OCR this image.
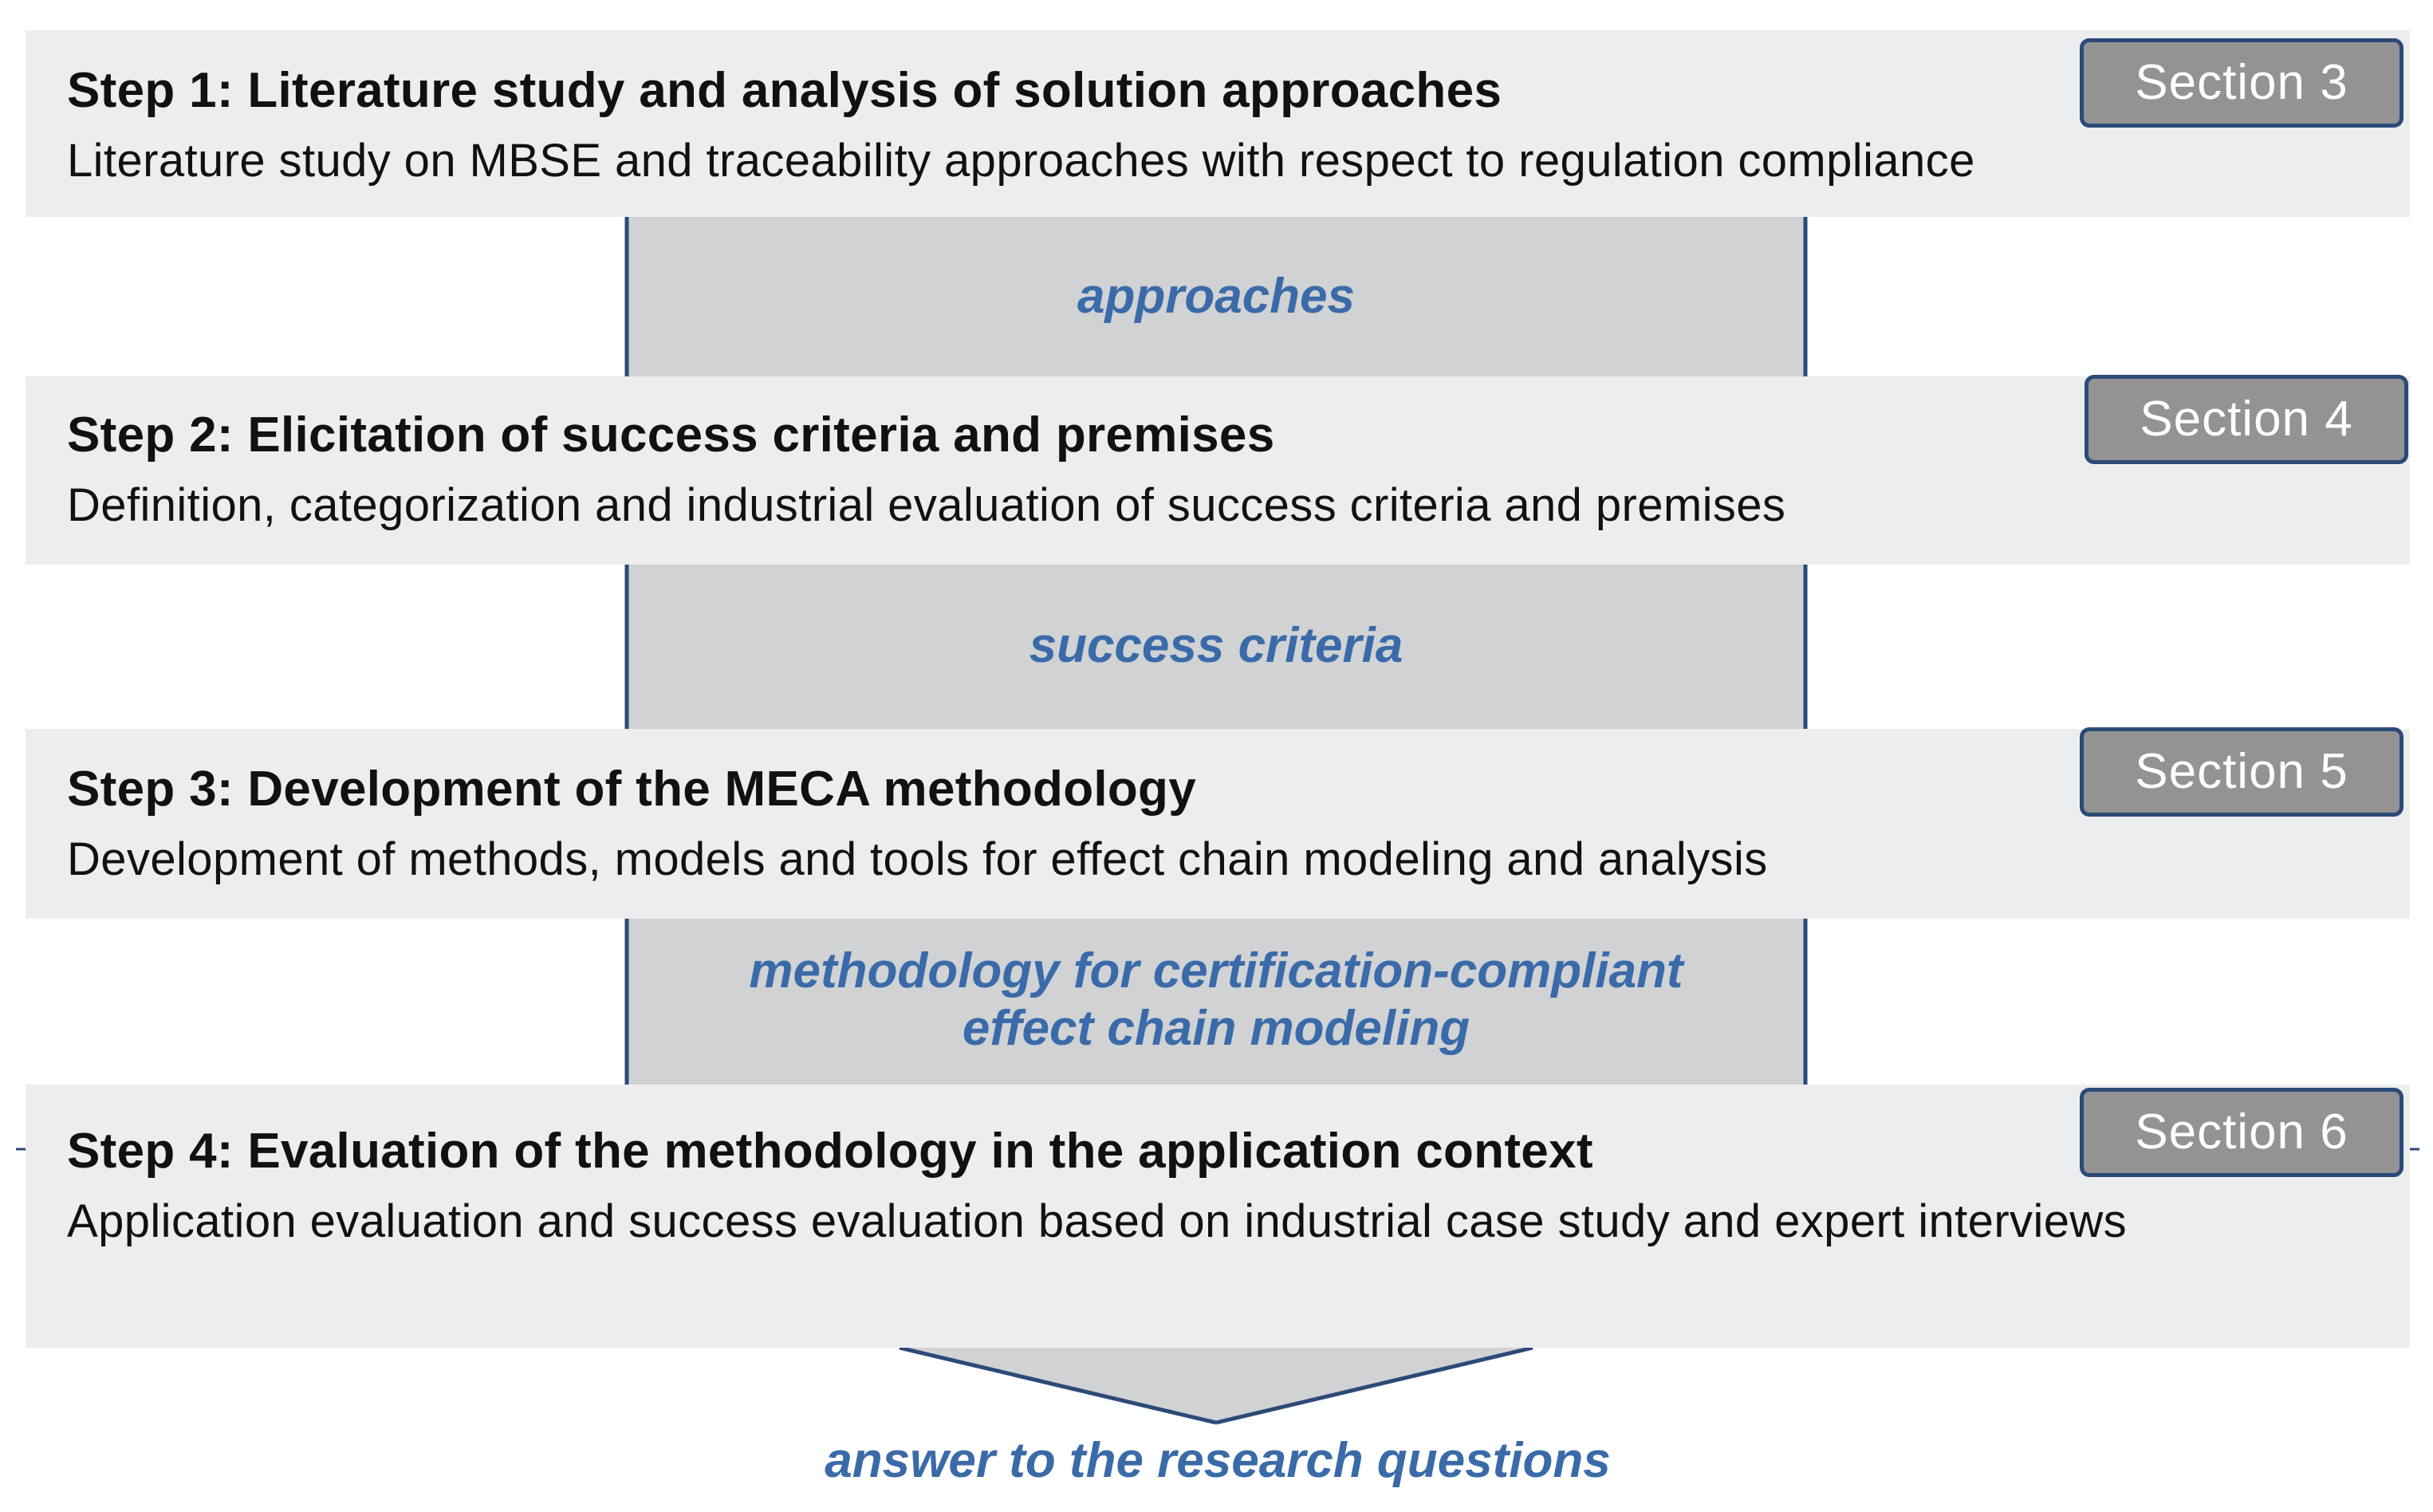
Step 1: Literature study and analysis of solution approaches
Literature study on MBSE and traceability approaches with respect to regulation compliance
Section 3
approaches
Step 2: Elicitation of success criteria and premises
Definition, categorization and industrial evaluation of success criteria and premises
Section 4
success criteria
Step 3: Development of the MECA methodology
Development of methods, models and tools for effect chain modeling and analysis
Section 5
methodology for certification-compliant
effect chain modeling
Step 4: Evaluation of the methodology in the application context
Application evaluation and success evaluation based on industrial case study and expert interviews
Section 6
answer to the research questions
